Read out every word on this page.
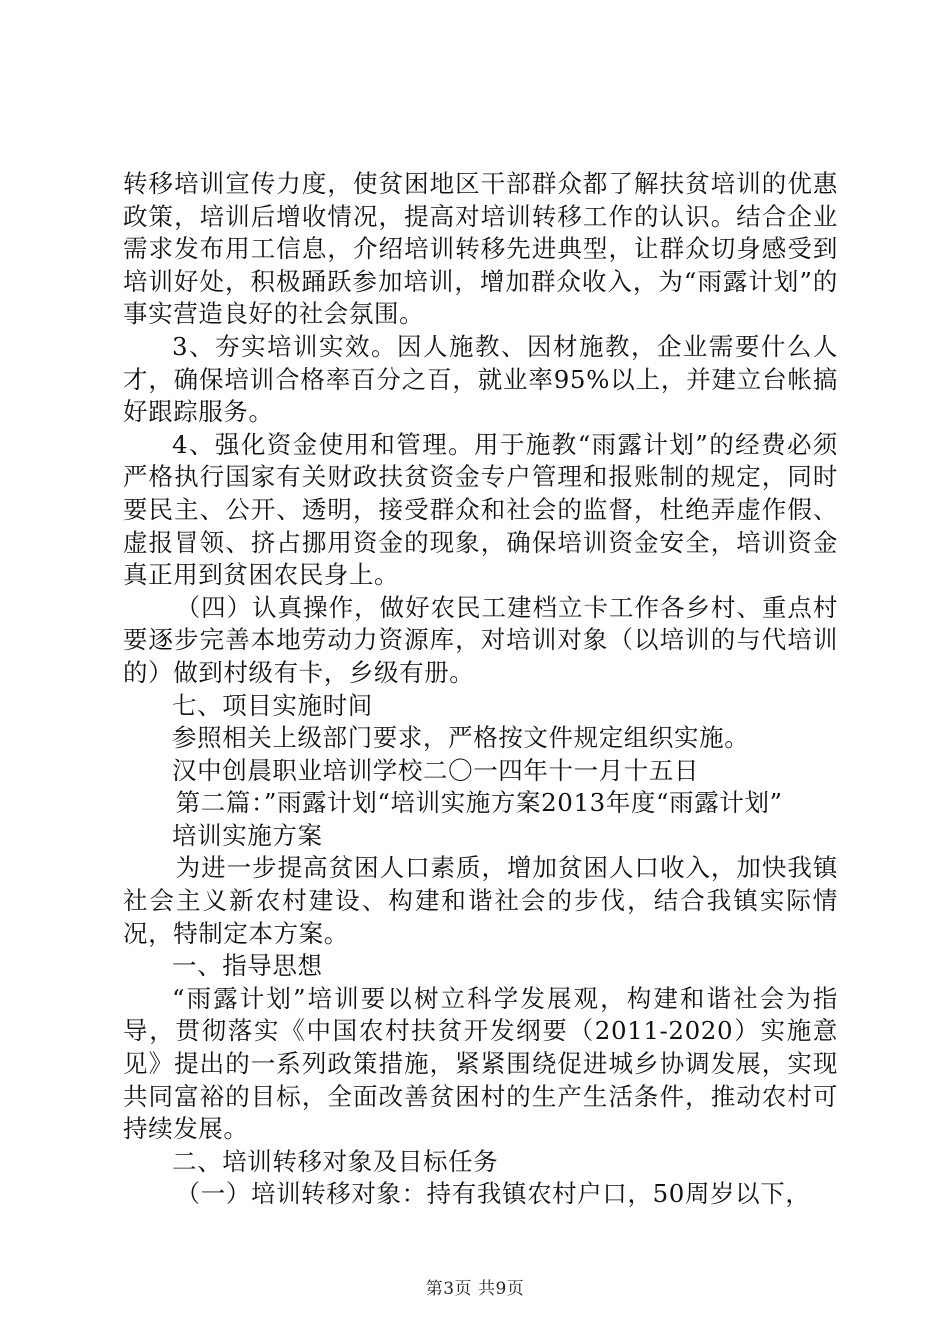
转移培训宣传力度，使贫困地区干部群众都了解扶贫培训的优惠政策，培训后增收情况，提高对培训转移工作的认识。结合企业需求发布用工信息，介绍培训转移先进典型，让群众切身感受到培训好处，积极踊跃参加培训，增加群众收入，为“雨露计划”的事实营造良好的社会氛围。

3、夯实培训实效。因人施教、因材施教，企业需要什么人才，确保培训合格率百分之百，就业率95%以上，并建立台帐搞好跟踪服务。

4、强化资金使用和管理。用于施教“雨露计划”的经费必须严格执行国家有关财政扶贫资金专户管理和报账制的规定，同时要民主、公开、透明，接受群众和社会的监督，杜绝弄虚作假、虚报冒领、挤占挪用资金的现象，确保培训资金安全，培训资金真正用到贫困农民身上。

（四）认真操作，做好农民工建档立卡工作各乡村、重点村要逐步完善本地劳动力资源库，对培训对象（以培训的与代培训的）做到村级有卡，乡级有册。

七、项目实施时间

参照相关上级部门要求，严格按文件规定组织实施。

汉中创晨职业培训学校二〇一四年十一月十五日

第二篇：”雨露计划“培训实施方案2013年度“雨露计划”

培训实施方案

为进一步提高贫困人口素质，增加贫困人口收入，加快我镇社会主义新农村建设、构建和谐社会的步伐，结合我镇实际情况，特制定本方案。

一、指导思想

“雨露计划”培训要以树立科学发展观，构建和谐社会为指导，贯彻落实《中国农村扶贫开发纲要（2011-2020）实施意见》提出的一系列政策措施，紧紧围绕促进城乡协调发展，实现共同富裕的目标，全面改善贫困村的生产生活条件，推动农村可持续发展。

二、培训转移对象及目标任务

（一）培训转移对象：持有我镇农村户口，50周岁以下，

第3页 共9页
